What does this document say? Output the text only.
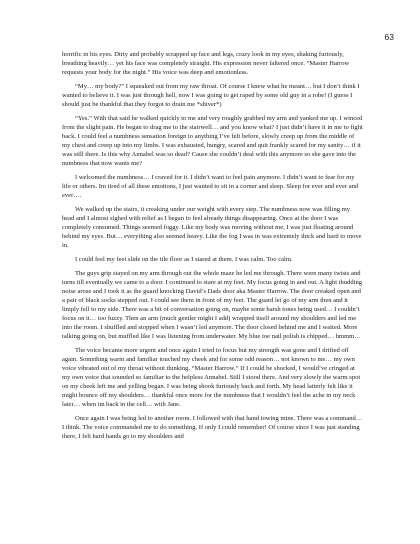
63

horrific in his eyes. Dirty and probably scrapped up face and legs, crazy look in my eyes, shaking furiously, breathing heavily… yet his face was completely straight. His expression never faltered once. “Master Harrow requests your body for the night.” His voice was deep and emotionless.

“My… my body?” I squeaked out from my raw throat. Of course I knew what he meant… but I don’t think I wanted to believe it. I was just through hell, now I was going to get raped by some old guy in a robe! (I guess I should just be thankful that they forgot to drain me *shiver*)

“Yes.” With that said he walked quickly to me and very roughly grabbed my arm and yanked me up. I winced from the slight pain. He began to drag me to the stairwell… and you know what? I just didn’t have it in me to fight back. I could feel a numbness sensation foreign to anything I’ve felt before, slowly creep up from the middle of my chest and creep up into my limbs. I was exhausted, hungry, scared and quit frankly scared for my sanity… if it was still there. Is this why Annabel was so dead? Cause she couldn’t deal with this anymore so she gave into the numbness that now wants me?

I welcomed the numbness… I craved for it. I didn’t want to feel pain anymore. I didn’t want to fear for my life or others. Im tired of all these emotions, I just wanted to sit in a corner and sleep. Sleep for ever and ever and ever….

We walked up the stairs, it creaking under our weight with every step. The numbness now was filling my head and I almost sighed with relief as I began to feel already things disappearing. Once at the door I was completely consumed. Things seemed foggy. Like my body was moving without me, I was just floating around behind my eyes. But… everything also seemed heavy. Like the fog I was in was extremely thick and hard to move in.

I could feel my feet slide on the tile floor as I stared at them. I was calm. Too calm.

The guys grip stayed on my arm through out the whole maze he led me through. There were many twists and turns till eventually we came to a door. I continued to stare at my feet. My focus going in and out. A light thudding noise arose and I took it as the guard knocking David’s Dads door aka Master Harrow. The door creaked open and a pair of black socks stepped out. I could see them in front of my feet. The guard let go of my arm then and it limply fell to my side. There was a bit of conversation going on, maybe some harsh tones being used… I couldn’t focus on it… too fuzzy. Then an arm (much gentler might I add) wrapped itself around my shoulders and led me into the room. I shuffled and stopped when I wasn’t led anymore. The door closed behind me and I waited. More talking going on, but muffled like I was listening from underwater. My blue toe nail polish is chipped… hmmm…

The voice became more urgent and once again I tried to focus but my strength was gone and I drifted off again. Something warm and familiar touched my cheek and for some odd reason… not known to me… my own voice vibrated out of my throat without thinking. “Master Harrow.” If I could be shocked, I would’ve cringed at my own voice that sounded so familiar to the helpless Annabel. Still I stood there. And very slowly the warm spot on my cheek left me and yelling began. I was being shook furiously back and forth. My head latterly felt like it might bounce off my shoulders… thankful once more for the numbness that I wouldn’t feel the ache in my neck later… when im back in the cell… with Jane.

Once again I was being led to another room. I followed with that hand towing mine. There was a command… I think. The voice commanded me to do something. If only I could remember! Of course since I was just standing there, I felt hard hands go to my shoulders and
